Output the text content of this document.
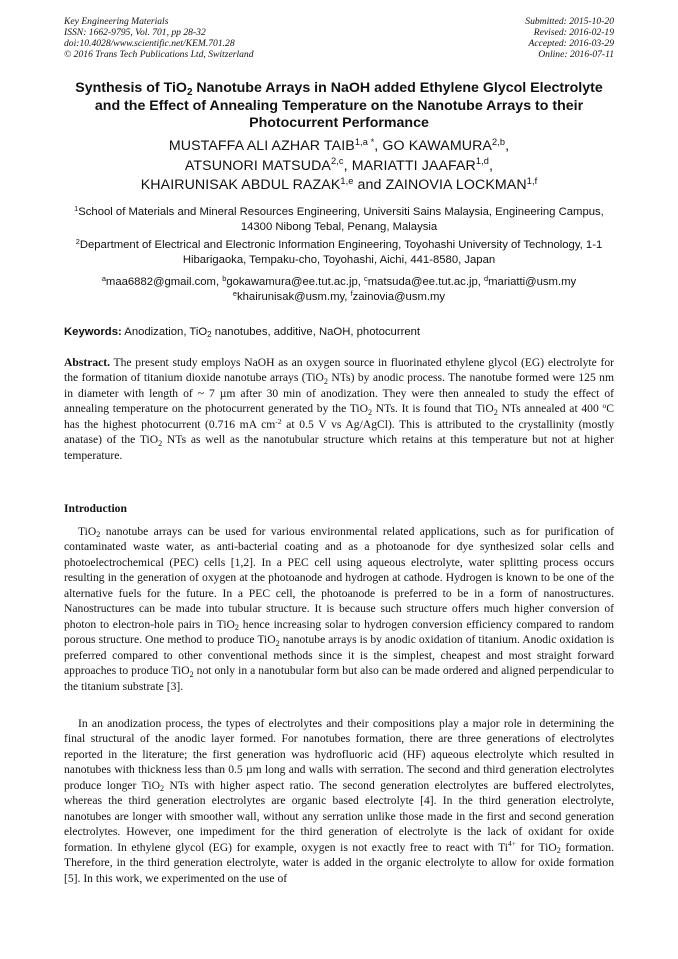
Key Engineering Materials
ISSN: 1662-9795, Vol. 701, pp 28-32
doi:10.4028/www.scientific.net/KEM.701.28
© 2016 Trans Tech Publications Ltd, Switzerland
Submitted: 2015-10-20
Revised: 2016-02-19
Accepted: 2016-03-29
Online: 2016-07-11
Synthesis of TiO$_2$ Nanotube Arrays in NaOH added Ethylene Glycol Electrolyte and the Effect of Annealing Temperature on the Nanotube Arrays to their Photocurrent Performance
MUSTAFFA ALI AZHAR $TAIB^{1,a *}$, GO KAWAMURA$^{2,b}$,
ATSUNORI MATSUDA$^{2,c}$, MARIATTI JAAFAR$^{1,d}$,
KHAIRUNISAK ABDUL RAZAK$^{1,e}$ and ZAINOVIA LOCKMAN$^{1,f}$
$^1$School of Materials and Mineral Resources Engineering, Universiti Sains Malaysia, Engineering Campus, 14300 Nibong Tebal, Penang, Malaysia
$^2$Department of Electrical and Electronic Information Engineering, Toyohashi University of Technology, 1-1 Hibarigaoka, Tempaku-cho, Toyohashi, Aichi, 441-8580, Japan
$^a$maa6882@gmail.com, $^b$gokawamura@ee.tut.ac.jp, $^c$matsuda@ee.tut.ac.jp, $^d$mariatti@usm.my
$^e$khairunisak@usm.my, $^f$zainovia@usm.my
Keywords: Anodization, TiO$_2$ nanotubes, additive, NaOH, photocurrent
Abstract. The present study employs NaOH as an oxygen source in fluorinated ethylene glycol (EG) electrolyte for the formation of titanium dioxide nanotube arrays (TiO$_2$ NTs) by anodic process. The nanotube formed were 125 nm in diameter with length of ~ 7 µm after 30 min of anodization. They were then annealed to study the effect of annealing temperature on the photocurrent generated by the TiO$_2$ NTs. It is found that TiO$_2$ NTs annealed at 400 $^o$C has the highest photocurrent (0.716 mA $cm^{-2}$ at 0.5 V vs Ag/AgCl). This is attributed to the crystallinity (mostly anatase) of the TiO$_2$ NTs as well as the nanotubular structure which retains at this temperature but not at higher temperature.
Introduction
TiO$_2$ nanotube arrays can be used for various environmental related applications, such as for purification of contaminated waste water, as anti-bacterial coating and as a photoanode for dye synthesized solar cells and photoelectrochemical (PEC) cells [1,2]. In a PEC cell using aqueous electrolyte, water splitting process occurs resulting in the generation of oxygen at the photoanode and hydrogen at cathode. Hydrogen is known to be one of the alternative fuels for the future. In a PEC cell, the photoanode is preferred to be in a form of nanostructures. Nanostructures can be made into tubular structure. It is because such structure offers much higher conversion of photon to electron-hole pairs in TiO$_2$ hence increasing solar to hydrogen conversion efficiency compared to random porous structure. One method to produce TiO$_2$ nanotube arrays is by anodic oxidation of titanium. Anodic oxidation is preferred compared to other conventional methods since it is the simplest, cheapest and most straight forward approaches to produce TiO$_2$ not only in a nanotubular form but also can be made ordered and aligned perpendicular to the titanium substrate [3].
In an anodization process, the types of electrolytes and their compositions play a major role in determining the final structural of the anodic layer formed. For nanotubes formation, there are three generations of electrolytes reported in the literature; the first generation was hydrofluoric acid (HF) aqueous electrolyte which resulted in nanotubes with thickness less than 0.5 µm long and walls with serration. The second and third generation electrolytes produce longer TiO$_2$ NTs with higher aspect ratio. The second generation electrolytes are buffered electrolytes, whereas the third generation electrolytes are organic based electrolyte [4]. In the third generation electrolyte, nanotubes are longer with smoother wall, without any serration unlike those made in the first and second generation electrolytes. However, one impediment for the third generation of electrolyte is the lack of oxidant for oxide formation. In ethylene glycol (EG) for example, oxygen is not exactly free to react with $Ti^{4+}$ for TiO$_2$ formation. Therefore, in the third generation electrolyte, water is added in the organic electrolyte to allow for oxide formation [5]. In this work, we experimented on the use of
